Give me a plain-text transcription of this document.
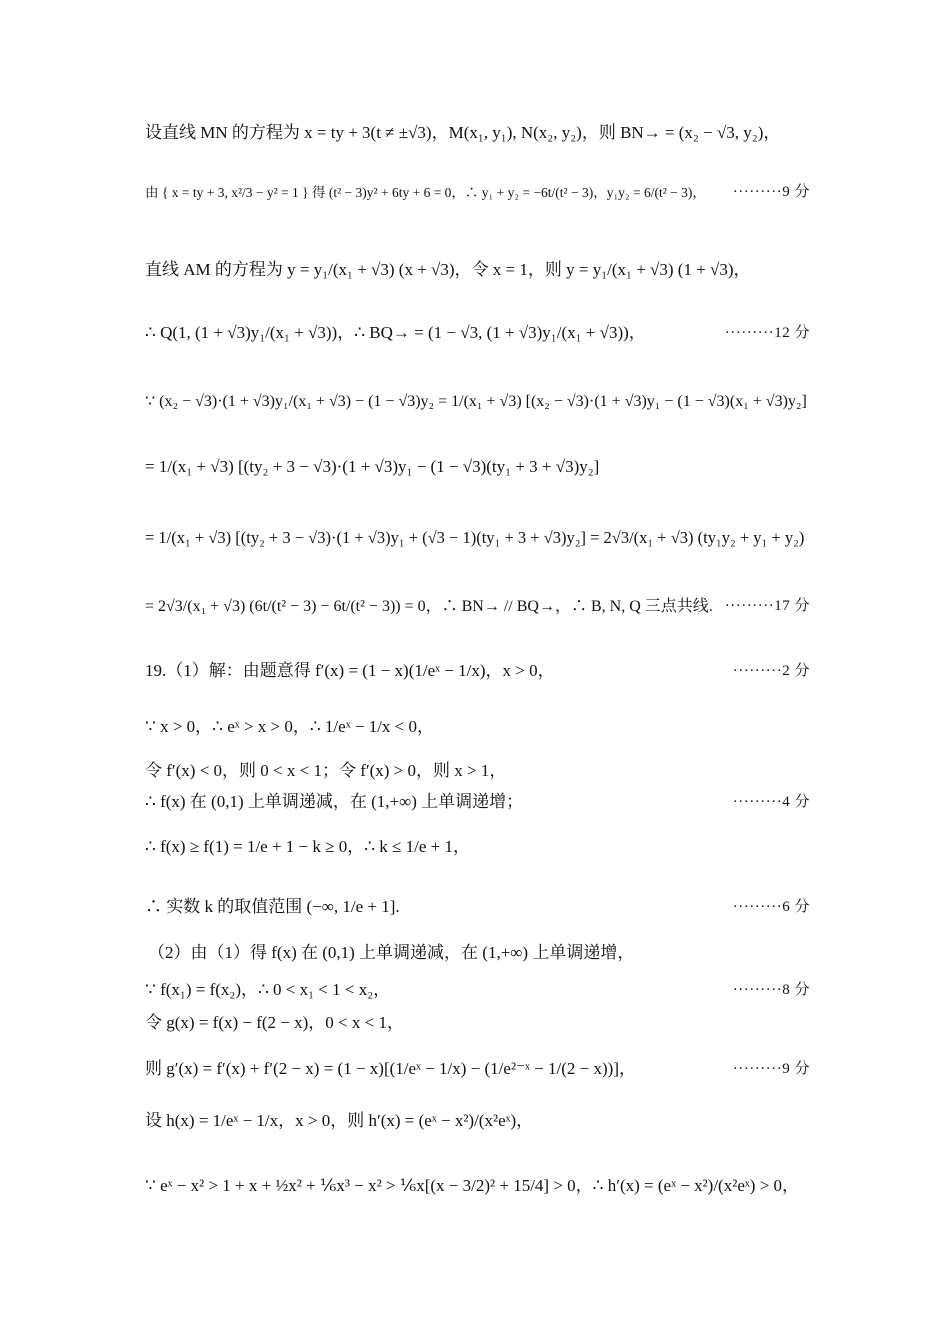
设直线 MN 的方程为 x = ty + 3(t ≠ ±√3)，M(x₁, y₁), N(x₂, y₂)，则 BN→ = (x₂ − √3, y₂)，
由 { x = ty + 3, x²/3 − y² = 1 } 得 (t² − 3)y² + 6ty + 6 = 0，∴ y₁ + y₂ = −6t/(t² − 3)，y₁y₂ = 6/(t² − 3)， ·········9 分
直线 AM 的方程为 y = y₁/(x₁ + √3) (x + √3)，令 x = 1，则 y = y₁/(x₁ + √3) (1 + √3)，
∴ Q(1, (1 + √3)y₁/(x₁ + √3))，∴ BQ→ = (1 − √3, (1 + √3)y₁/(x₁ + √3))，	·········12 分
∵ (x₂ − √3)·(1 + √3)y₁/(x₁ + √3) − (1 − √3)y₂ = 1/(x₁ + √3) [(x₂ − √3)·(1 + √3)y₁ − (1 − √3)(x₁ + √3)y₂]
= 1/(x₁ + √3) [(ty₂ + 3 − √3)·(1 + √3)y₁ − (1 − √3)(ty₁ + 3 + √3)y₂]
= 1/(x₁ + √3) [(ty₂ + 3 − √3)·(1 + √3)y₁ + (√3 − 1)(ty₁ + 3 + √3)y₂] = 2√3/(x₁ + √3) (ty₁y₂ + y₁ + y₂)
= 2√3/(x₁ + √3) (6t/(t² − 3) − 6t/(t² − 3)) = 0，∴ BN→ // BQ→，∴ B, N, Q 三点共线. ·········17 分
19.（1）解：由题意得 f′(x) = (1 − x)(1/eˣ − 1/x)，x > 0，	·········2 分
∵ x > 0，∴ eˣ > x > 0，∴ 1/eˣ − 1/x < 0，
令 f′(x) < 0，则 0 < x < 1；令 f′(x) > 0，则 x > 1，
∴ f(x) 在 (0,1) 上单调递减，在 (1,+∞) 上单调递增；	·········4 分
∴ f(x) ≥ f(1) = 1/e + 1 − k ≥ 0，∴ k ≤ 1/e + 1，
∴ 实数 k 的取值范围 (−∞, 1/e + 1].	·········6 分
（2）由（1）得 f(x) 在 (0,1) 上单调递减，在 (1,+∞) 上单调递增，
∵ f(x₁) = f(x₂)，∴ 0 < x₁ < 1 < x₂，	·········8 分
令 g(x) = f(x) − f(2 − x)，0 < x < 1，
则 g′(x) = f′(x) + f′(2 − x) = (1 − x)[(1/eˣ − 1/x) − (1/e²⁻ˣ − 1/(2 − x))]，	·········9 分
设 h(x) = 1/eˣ − 1/x，x > 0，则 h′(x) = (eˣ − x²)/(x²eˣ)，
∵ eˣ − x² > 1 + x + ½x² + ⅙x³ − x² > ⅙x[(x − 3/2)² + 15/4] > 0，∴ h′(x) = (eˣ − x²)/(x²eˣ) > 0，
